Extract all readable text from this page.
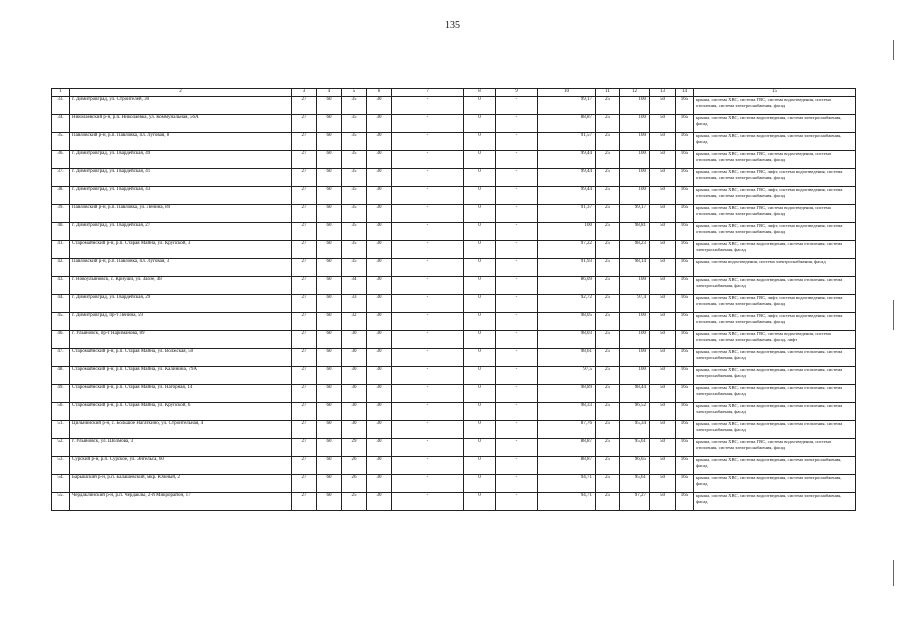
135
1	2	3	4	5	6	7	8	9	10	11	12	13	14	15
33.	г. Димитровград, ул. Строителей, 30	27	60	35	30	-	0	-	99,17	25	100	50	165	крыша, система ХВС, система ГВС, система водоотведения, система отопления, система электроснабжения, фасад
34.	Николаевский р-н, р.п. Николаевка, ул. Коммунальная, 56А	27	60	35	30	-	0	-	88,87	25	100	50	165	крыша, система ХВС, система водоотведения, система электроснабжения, фасад
35.	Павловский р-н, р.п. Павловка, пл. Луговая, 8	27	60	35	30	-	0	-	91,57	25	100	50	165	крыша, система ХВС, система водоотведения, система электроснабжения, фасад
36.	г. Димитровград, ул. Гвардейская, 49	27	60	35	30	-	0	-	99,44	25	100	50	165	крыша, система ХВС, система ГВС, система водоотведения, система отопления, система электроснабжения, фасад
37.	г. Димитровград, ул. Гвардейская, 41	27	60	35	30	-	0	-	99,44	25	100	50	165	крыша, система ХВС, система ГВС, лифт, система водоотведения, система отопления, система электроснабжения, фасад
38.	г. Димитровград, ул. Гвардейская, 43	27	60	35	30	-	0	-	99,44	25	100	50	165	крыша, система ХВС, система ГВС, лифт, система водоотведения, система отопления, система электроснабжения, фасад
39.	Павловский р-н, р.п. Павловка, ул. Ленина, 89	27	60	35	30	-	0	-	91,37	25	99,17	50	165	крыша, система ХВС, система ГВС, система водоотведения, система отопления, система электроснабжения, фасад
40.	г. Димитровград, ул. Гвардейская, 27	27	60	35	30	-	0	-	100	25	98,81	50	165	крыша, система ХВС, система ГВС, лифт, система водоотведения, система отопления, система электроснабжения, фасад
41.	Старомайнский р-н, р.п. Старая Майна, ул. Крупской, 3	27	60	35	30	-	0	-	97,22	25	98,23	50	165	крыша, система ХВС, система водоотведения, система отопления, система электроснабжения, фасад
42.	Павловский р-н, р.п. Павловка, пл. Луговая, 3	27	60	35	30	-	0	-	91,93	25	98,14	50	165	крыша, система водоотведения, система электроснабжения, фасад
43.	г. Новоульяновск, с. Криуши, ул. Заозе, 48	27	60	34	30	-	0	-	86,09	25	100	50	165	крыша, система ХВС, система водоотведения, система отопления, система электроснабжения, фасад
44.	г. Димитровград, ул. Гвардейская, 29	27	60	33	30	-	0	-	92,72	25	97,4	50	165	крыша, система ХВС, система ГВС, лифт, система водоотведения, система отопления, система электроснабжения, фасад
45.	г. Димитровград, пр-т Ленина, 59	27	60	32	30	-	0	-	98,05	25	100	50	165	крыша, система ХВС, система ГВС, лифт, система водоотведения, система отопления, система электроснабжения, фасад
46.	г. Ульяновск, пр-т Нариманова, 89	27	60	30	30	-	0	-	98,03	25	100	50	165	крыша, система ХВС, система ГВС, система водоотведения, система отопления, система электроснабжения, фасад, лифт
47.	Старомайнский р-н, р.п. Старая Майна, ул. Волжская, 50	27	60	30	30	-	0	-	98,61	25	100	50	165	крыша, система ХВС, система водоотведения, система отопления, система электроснабжения, фасад
48.	Старомайнский р-н, р.п. Старая Майна, ул. Калинина, 79А	27	60	30	30	-	0	-	97,5	25	100	50	165	крыша, система ХВС, система водоотведения, система отопления, система электроснабжения, фасад
49.	Старомайнский р-н, р.п. Старая Майна, ул. Нагорная, 14	27	60	30	30	-	0	-	98,89	25	98,44	50	165	крыша, система ХВС, система водоотведения, система отопления, система электроснабжения, фасад
50.	Старомайнский р-н, р.п. Старая Майна, ул. Крупской, 6	27	60	30	30	-	0	-	98,33	25	96,52	50	165	крыша, система ХВС, система водоотведения, система отопления, система электроснабжения, фасад
51.	Цильнинский р-н, с. Большое Нагаткино, ул. Строительная, 4	27	60	30	30	-	0	-	87,76	25	95,34	50	165	крыша, система ХВС, система водоотведения, система отопления, система электроснабжения, фасад
52.	г. Ульяновск, ул. Шолмова, 3	27	60	29	30	-	0	-	88,87	25	95,61	50	165	крыша, система ХВС, система ГВС, система водоотведения, система отопления, система электроснабжения, фасад
53.	Сурский р-н, р.п. Сурское, ул. Энгельса, 60	27	60	26	30	-	0	-	88,87	25	96,65	50	165	крыша, система ХВС, система водоотведения, система электроснабжения, фасад
54.	Барышский р-н, р.п. Балашевский, мкр. Южный, 2	27	60	26	30	-	0	-	94,71	25	95,61	50	165	крыша, система ХВС, система водоотведения, система электроснабжения, фасад
55.	Чердаклинский р-н, р.п. Чердаклы, 2-й Микрорайон, 17	27	60	25	30	-	0	-	94,71	25	97,27	50	165	крыша, система ХВС, система водоотведения, система электроснабжения, фасад
